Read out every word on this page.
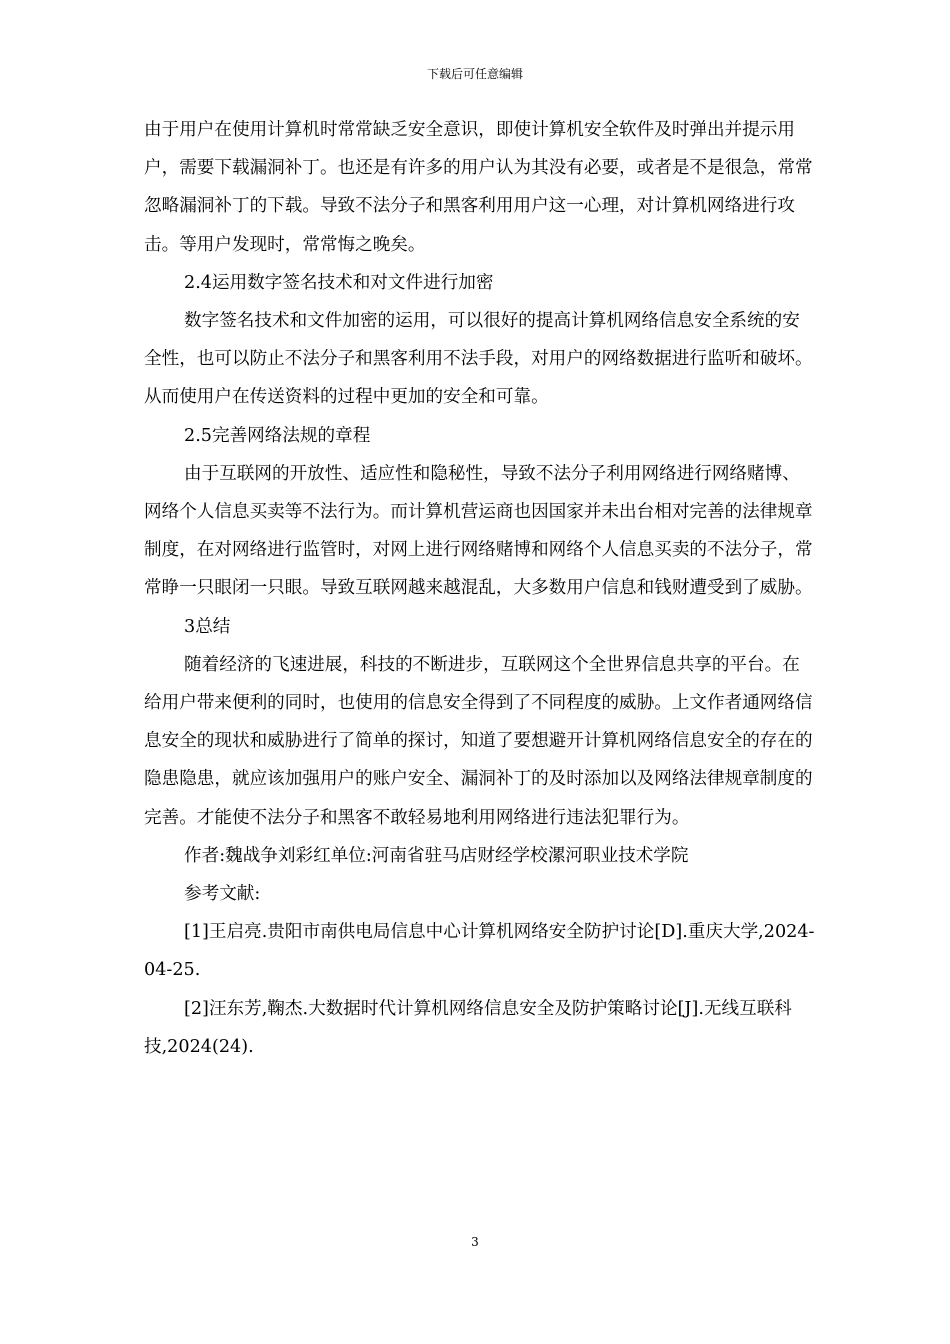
下载后可任意编辑

由于用户在使用计算机时常常缺乏安全意识，即使计算机安全软件及时弹出并提示用户，需要下载漏洞补丁。也还是有许多的用户认为其没有必要，或者是不是很急，常常忽略漏洞补丁的下载。导致不法分子和黑客利用用户这一心理，对计算机网络进行攻击。等用户发现时，常常悔之晚矣。

2.4运用数字签名技术和对文件进行加密

数字签名技术和文件加密的运用，可以很好的提高计算机网络信息安全系统的安全性，也可以防止不法分子和黑客利用不法手段，对用户的网络数据进行监听和破坏。从而使用户在传送资料的过程中更加的安全和可靠。

2.5完善网络法规的章程

由于互联网的开放性、适应性和隐秘性，导致不法分子利用网络进行网络赌博、网络个人信息买卖等不法行为。而计算机营运商也因国家并未出台相对完善的法律规章制度，在对网络进行监管时，对网上进行网络赌博和网络个人信息买卖的不法分子，常常睁一只眼闭一只眼。导致互联网越来越混乱，大多数用户信息和钱财遭受到了威胁。

3总结

随着经济的飞速进展，科技的不断进步，互联网这个全世界信息共享的平台。在给用户带来便利的同时，也使用的信息安全得到了不同程度的威胁。上文作者通网络信息安全的现状和威胁进行了简单的探讨，知道了要想避开计算机网络信息安全的存在的隐患隐患，就应该加强用户的账户安全、漏洞补丁的及时添加以及网络法律规章制度的完善。才能使不法分子和黑客不敢轻易地利用网络进行违法犯罪行为。

作者:魏战争刘彩红单位:河南省驻马店财经学校漯河职业技术学院

参考文献:

[1]王启亮.贵阳市南供电局信息中心计算机网络安全防护讨论[D].重庆大学,2024-04-25.

[2]汪东芳,鞠杰.大数据时代计算机网络信息安全及防护策略讨论[J].无线互联科技,2024(24).

3
